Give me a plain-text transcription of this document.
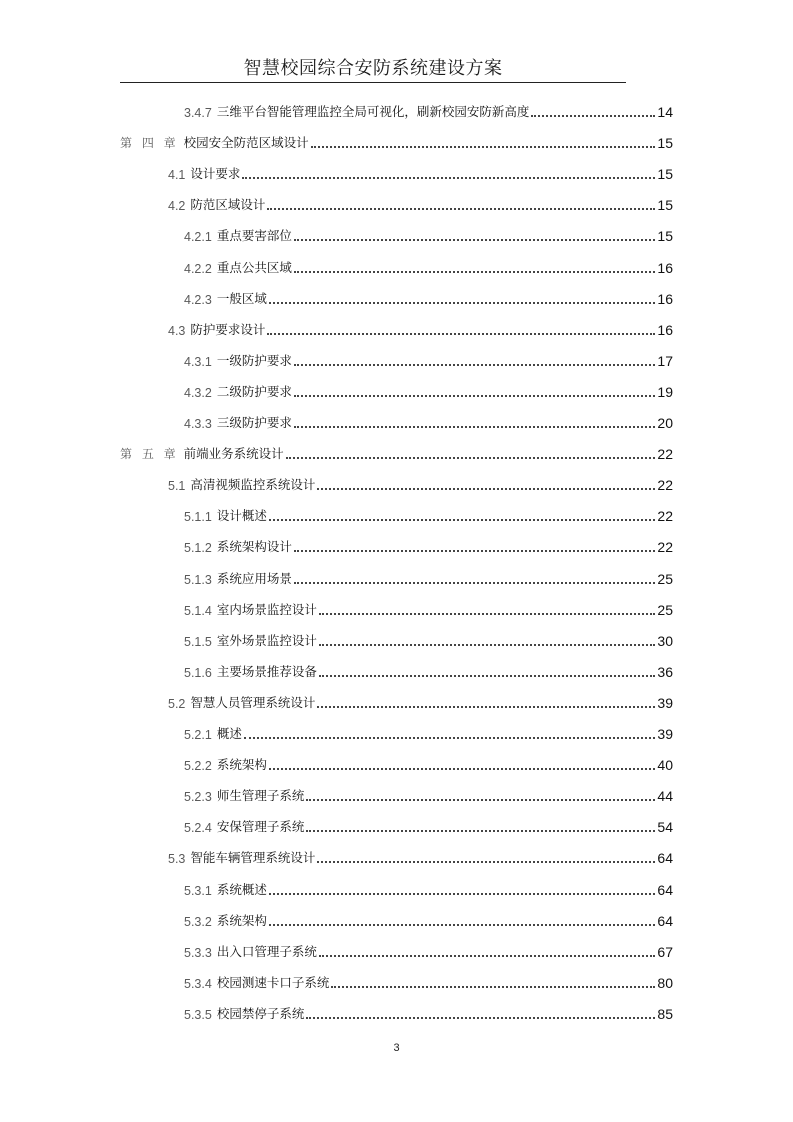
智慧校园综合安防系统建设方案
3.4.7 三维平台智能管理监控全局可视化，刷新校园安防新高度	14
第 四 章 校园安全防范区域设计	15
4.1 设计要求	15
4.2 防范区域设计	15
4.2.1 重点要害部位	15
4.2.2 重点公共区域	16
4.2.3 一般区域	16
4.3 防护要求设计	16
4.3.1 一级防护要求	17
4.3.2 二级防护要求	19
4.3.3 三级防护要求	20
第 五 章 前端业务系统设计	22
5.1 高清视频监控系统设计	22
5.1.1 设计概述	22
5.1.2 系统架构设计	22
5.1.3 系统应用场景	25
5.1.4 室内场景监控设计	25
5.1.5 室外场景监控设计	30
5.1.6 主要场景推荐设备	36
5.2 智慧人员管理系统设计	39
5.2.1 概述	39
5.2.2 系统架构	40
5.2.3 师生管理子系统	44
5.2.4 安保管理子系统	54
5.3 智能车辆管理系统设计	64
5.3.1 系统概述	64
5.3.2 系统架构	64
5.3.3 出入口管理子系统	67
5.3.4 校园测速卡口子系统	80
5.3.5 校园禁停子系统	85
3
